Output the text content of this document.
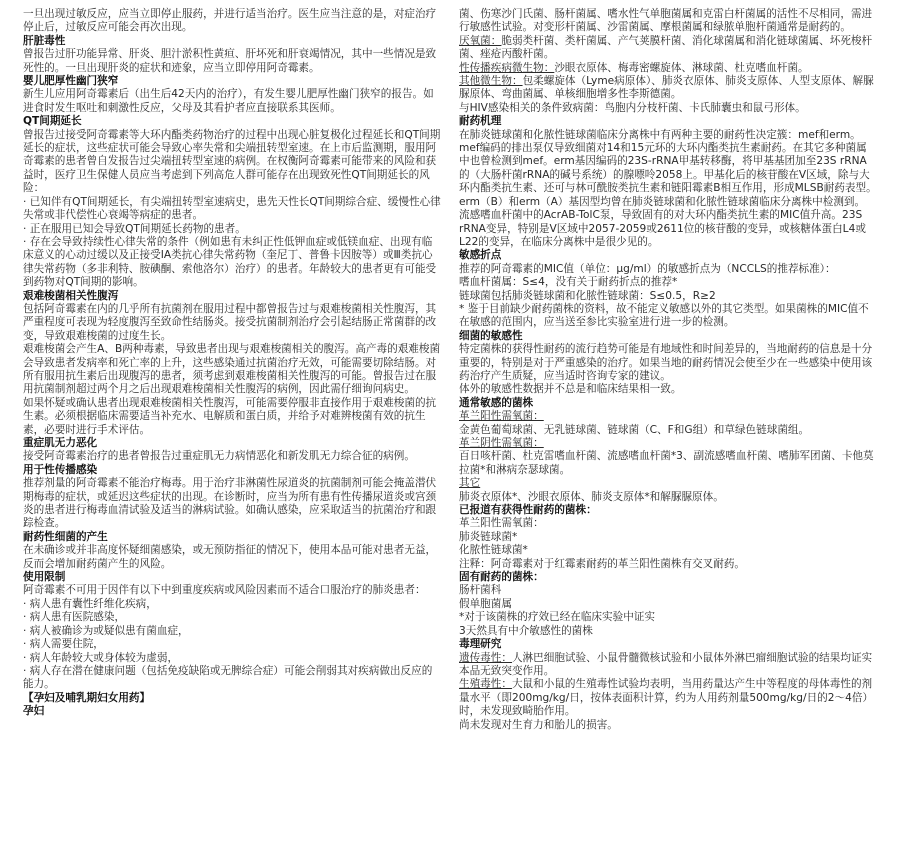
一旦出现过敏反应，应当立即停止服药，并进行适当治疗。医生应当注意的是，对症治疗停止后，过敏反应可能会再次出现。
肝脏毒性
曾报告过肝功能异常、肝炎、胆汁淤积性黄疸、肝坏死和肝衰竭情况，其中一些情况是致死性的。一旦出现肝炎的症状和迹象，应当立即停用阿奇霉素。
婴儿肥厚性幽门狭窄
新生儿应用阿奇霉素后（出生后42天内的治疗），有发生婴儿肥厚性幽门狭窄的报告。如进食时发生呕吐和刺激性反应，父母及其看护者应直接联系其医师。
QT间期延长
曾报告过接受阿奇霉素等大环内酯类药物治疗的过程中出现心脏复极化过程延长和QT间期延长的症状，这些症状可能会导致心率失常和尖端扭转型室速。在上市后监测期，服用阿奇霉素的患者曾自发报告过尖端扭转型室速的病例。在权衡阿奇霉素可能带来的风险和获益时，医疗卫生保健人员应当考虑到下列高危人群可能存在出现致死性QT间期延长的风险：
· 已知伴有QT间期延长，有尖端扭转型室速病史，患先天性长QT间期综合症、缓慢性心律失常或非代偿性心衰竭等病症的患者。
· 正在服用已知会导致QT间期延长药物的患者。
· 存在会导致持续性心律失常的条件（例如患有未纠正性低钾血症或低镁血症、出现有临床意义的心动过缓以及正接受IA类抗心律失常药物（奎尼丁、普鲁卡因胺等）或Ⅲ类抗心律失常药物（多非利特、胺碘酮、索他洛尔）治疗）的患者。年龄较大的患者更有可能受到药物对QT间期的影响。
艰难梭菌相关性腹泻
包括阿奇霉素在内的几乎所有抗菌剂在服用过程中都曾报告过与艰难梭菌相关性腹泻，其严重程度可表现为轻度腹泻至致命性结肠炎。接受抗菌制剂治疗会引起结肠正常菌群的改变，导致艰难梭菌的过度生长。
艰难梭菌会产生A、B两种毒素，导致患者出现与艰难梭菌相关的腹泻。高产毒的艰难梭菌会导致患者发病率和死亡率的上升，这些感染通过抗菌治疗无效，可能需要切除结肠。对所有服用抗生素后出现腹泻的患者，须考虑到艰难梭菌相关性腹泻的可能。曾报告过在服用抗菌制剂超过两个月之后出现艰难梭菌相关性腹泻的病例，因此需仔细询问病史。
如果怀疑或确认患者出现艰难梭菌相关性腹泻，可能需要停服非直接作用于艰难梭菌的抗生素。必须根据临床需要适当补充水、电解质和蛋白质，并给予对难辨梭菌有效的抗生素，必要时进行手术评估。
重症肌无力恶化
接受阿奇霉素治疗的患者曾报告过重症肌无力病情恶化和新发肌无力综合征的病例。
用于性传播感染
推荐剂量的阿奇霉素不能治疗梅毒。用于治疗非淋菌性尿道炎的抗菌制剂可能会掩盖潜伏期梅毒的症状，或延迟这些症状的出现。在诊断时，应当为所有患有性传播尿道炎或宫颈炎的患者进行梅毒血清试验及适当的淋病试验。如确认感染，应采取适当的抗菌治疗和跟踪检查。
耐药性细菌的产生
在未确诊或并非高度怀疑细菌感染，或无预防指征的情况下，使用本品可能对患者无益，反而会增加耐药菌产生的风险。
使用限制
阿奇霉素不可用于因伴有以下中到重度疾病或风险因素而不适合口服治疗的肺炎患者：
· 病人患有囊性纤维化疾病，
· 病人患有医院感染，
· 病人被确诊为或疑似患有菌血症，
· 病人需要住院，
· 病人年龄较大或身体较为虚弱，
· 病人存在潜在健康问题（包括免疫缺陷或无脾综合症）可能会削弱其对疾病做出反应的能力。
【孕妇及哺乳期妇女用药】
孕妇
菌、伤寒沙门氏菌、肠杆菌属、嗜水性气单胞菌属和克雷白杆菌属的活性不尽相同，需进行敏感性试验。对变形杆菌属、沙雷菌属、摩根菌属和绿脓单胞杆菌通常是耐药的。
厌氧菌：脆弱类杆菌、类杆菌属、产气荚膜杆菌、消化球菌属和消化链球菌属、坏死梭杆菌、痤疮丙酸杆菌。
性传播疾病微生物：沙眼衣原体、梅毒密螺旋体、淋球菌、杜克嗜血杆菌。
其他微生物：包柔螺旋体（Lyme病原体）、肺炎衣原体、肺炎支原体、人型支原体、解脲脲原体、弯曲菌属、单核细胞增多性李斯德菌。
与HIV感染相关的条件致病菌：鸟胞内分枝杆菌、卡氏肺囊虫和鼠弓形体。
耐药机理
在肺炎链球菌和化脓性链球菌临床分离株中有两种主要的耐药性决定簇：mef和erm。mef编码的排出泵仅导致细菌对14和15元环的大环内酯类抗生素耐药。在其它多种菌属中也曾检测到mef。erm基因编码的23S-rRNA甲基转移酶，将甲基基团加至23S rRNA的（大肠杆菌rRNA的碱号系统）的腺嘌呤2058上。甲基化后的核苷酸在V区域，除与大环内酯类抗生素、还可与林可酰胺类抗生素和链阳霉素B相互作用，形成MLSB耐药表型。erm（B）和erm（A）基因型均曾在肺炎链球菌和化脓性链球菌临床分离株中检测到。
流感嗜血杆菌中的AcrAB-TolC泵，导致固有的对大环内酯类抗生素的MIC值升高。23S rRNA变异，特别是V区域中2057-2059或2611位的核苷酸的变异，或核糖体蛋白L4或L22的变异，在临床分离株中是很少见的。
敏感折点
推荐的阿奇霉素的MIC值（单位：μg/ml）的敏感折点为（NCCLS的推荐标准）：
嗜血杆菌属：S≤4，没有关于耐药折点的推荐*
链球菌包括肺炎链球菌和化脓性链球菌：S≤0.5，R≥2
* 鉴于目前缺少耐药菌株的资料，故不能定义敏感以外的其它类型。如果菌株的MIC值不在敏感的范围内，应当送至参比实验室进行进一步的检测。
细菌的敏感性
特定菌株的获得性耐药的流行趋势可能是有地域性和时间差异的，当地耐药的信息是十分重要的，特别是对于严重感染的治疗。如果当地的耐药情况会使至少在一些感染中使用该药治疗产生质疑，应当适时咨询专家的建议。
体外的敏感性数据并不总是和临床结果相一致。
通常敏感的菌株
革兰阳性需氧菌：
金黄色葡萄球菌、无乳链球菌、链球菌（C、F和G组）和草绿色链球菌组。
革兰阴性需氧菌：
百日咳杆菌、杜克雷嗜血杆菌、流感嗜血杆菌*3、副流感嗜血杆菌、嗜肺军团菌、卡他莫拉菌*和淋病奈瑟球菌。
其它
肺炎衣原体*、沙眼衣原体、肺炎支原体*和解脲脲原体。
已报道有获得性耐药的菌株：
革兰阳性需氧菌：
肺炎链球菌*
化脓性链球菌*
注释：阿奇霉素对于红霉素耐药的革兰阳性菌株有交叉耐药。
固有耐药的菌株：
肠杆菌科
假单胞菌属
*对于该菌株的疗效已经在临床实验中证实
3天然具有中介敏感性的菌株
毒理研究
遗传毒性：人淋巴细胞试验、小鼠骨髓微核试验和小鼠体外淋巴瘤细胞试验的结果均证实本品无致突变作用。
生殖毒性：大鼠和小鼠的生殖毒性试验均表明，当用药量达产生中等程度的母体毒性的剂量水平（即200mg/kg/日，按体表面积计算，约为人用药剂量500mg/kg/日的2～4倍）时，未发现致畸胎作用。
尚未发现对生育力和胎儿的损害。
